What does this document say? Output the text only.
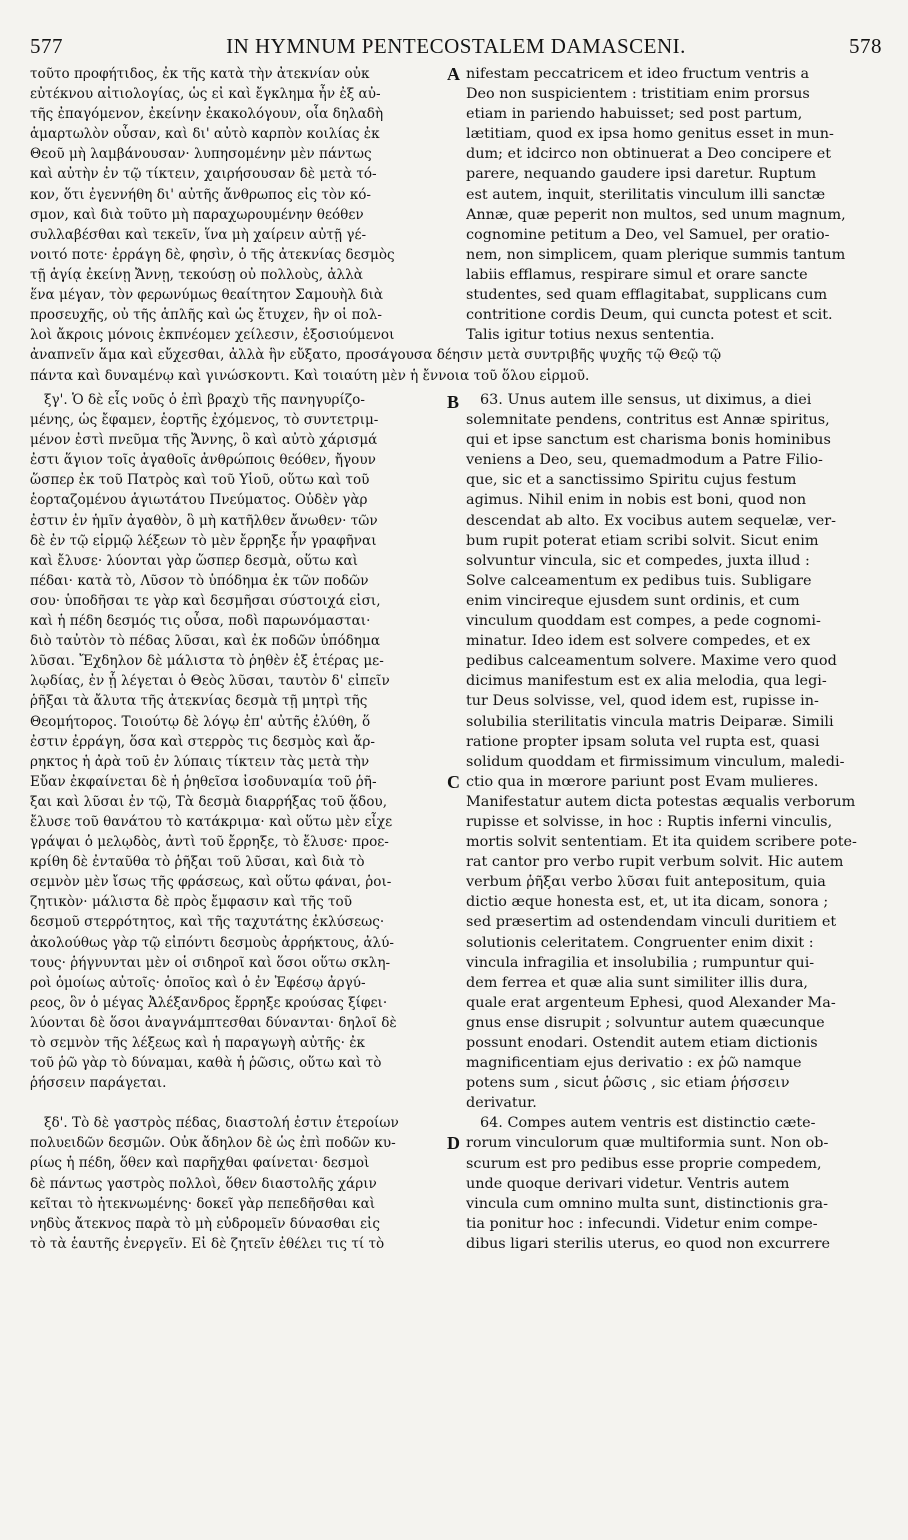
577	IN HYMNUM PENTECOSTALEM DAMASCENI.	578
τοῦτο προφήτιδος, ἐκ τῆς κατὰ τὴν ἀτεκνίαν οὐκ
εὐτέκνου αἰτιολογίας, ὡς εἰ καὶ ἔγκλημα ἦν ἐξ αὐ-
τῆς ἐπαγόμενον, ἐκείνην ἐκακολόγουν, οἷα δηλαδὴ
ἁμαρτωλὸν οὖσαν, καὶ δι' αὐτὸ καρπὸν κοιλίας ἐκ
Θεοῦ μὴ λαμβάνουσαν· λυπησομένην μὲν πάντως
καὶ αὐτὴν ἐν τῷ τίκτειν, χαιρήσουσαν δὲ μετὰ τό-
κον, ὅτι ἐγεννήθη δι' αὐτῆς ἄνθρωπος εἰς τὸν κό-
σμον, καὶ διὰ τοῦτο μὴ παραχωρουμένην θεόθεν
συλλαβέσθαι καὶ τεκεῖν, ἵνα μὴ χαίρειν αὐτῇ γέ-
νοιτό ποτε· ἐρράγη δὲ, φησὶν, ὁ τῆς ἀτεκνίας δεσμὸς
τῇ ἁγίᾳ ἐκείνῃ Ἄννῃ, τεκούσῃ οὐ πολλοὺς, ἀλλὰ
ἕνα μέγαν, τὸν φερωνύμως θεαίτητον Σαμουὴλ διὰ
προσευχῆς, οὐ τῆς ἁπλῆς καὶ ὡς ἔτυχεν, ἣν οἱ πολ-
λοὶ ἄκροις μόνοις ἐκπνέομεν χείλεσιν, ἐξοσιούμενοι
ἀναπνεῖν ἅμα καὶ εὔχεσθαι, ἀλλὰ ἣν εὔξατο, προσάγουσα δέησιν μετὰ συντριβῆς ψυχῆς τῷ Θεῷ τῷ
πάντα καὶ δυναμένῳ καὶ γινώσκοντι. Καὶ τοιαύτη μὲν ἡ ἔννοια τοῦ ὅλου εἱρμοῦ.
ξγ'. Ὁ δὲ εἷς νοῦς ὁ ἐπὶ βραχὺ τῆς πανηγυρίζο-
μένης, ὡς ἔφαμεν, ἑορτῆς ἐχόμενος, τὸ συντετριμ-
μένον ἐστὶ πνεῦμα τῆς Ἄννης, ὃ καὶ αὐτὸ χάρισμά
ἐστι ἅγιον τοῖς ἀγαθοῖς ἀνθρώποις θεόθεν, ἤγουν
ὥσπερ ἐκ τοῦ Πατρὸς καὶ τοῦ Υἱοῦ, οὕτω καὶ τοῦ
ἑορταζομένου ἁγιωτάτου Πνεύματος. Οὐδὲν γὰρ
ἐστιν ἐν ἡμῖν ἀγαθὸν, ὃ μὴ κατῆλθεν ἄνωθεν· τῶν
δὲ ἐν τῷ εἱρμῷ λέξεων τὸ μὲν ἔρρηξε ἦν γραφῆναι
καὶ ἔλυσε· λύονται γὰρ ὥσπερ δεσμὰ, οὕτω καὶ
πέδαι· κατὰ τὸ, Λῦσον τὸ ὑπόδημα ἐκ τῶν ποδῶν
σου· ὑποδῆσαι τε γὰρ καὶ δεσμῆσαι σύστοιχά εἰσι,
καὶ ἡ πέδη δεσμός τις οὖσα, ποδὶ παρωνόμασται·
διὸ ταὐτὸν τὸ πέδας λῦσαι, καὶ ἐκ ποδῶν ὑπόδημα
λῦσαι. Ἔχδηλον δὲ μάλιστα τὸ ῥηθὲν ἐξ ἑτέρας με-
λῳδίας, ἐν ᾗ λέγεται ὁ Θεὸς λῦσαι, ταυτὸν δ' εἰπεῖν
ῥῆξαι τὰ ἄλυτα τῆς ἀτεκνίας δεσμὰ τῇ μητρὶ τῆς
Θεομήτορος. Τοιούτῳ δὲ λόγῳ ἐπ' αὐτῆς ἐλύθη, ὅ
ἐστιν ἐρράγη, ὅσα καὶ στερρὸς τις δεσμὸς καὶ ἄρ-
ρηκτος ἡ ἀρὰ τοῦ ἐν λύπαις τίκτειν τὰς μετὰ τὴν
Εὔαν ἐκφαίνεται δὲ ἡ ῥηθεῖσα ἰσοδυναμία τοῦ ῥῆ-
ξαι καὶ λῦσαι ἐν τῷ, Τὰ δεσμὰ διαρρήξας τοῦ ᾅδου,
ἔλυσε τοῦ θανάτου τὸ κατάκριμα· καὶ οὕτω μὲν εἶχε
γράψαι ὁ μελῳδὸς, ἀντὶ τοῦ ἔρρηξε, τὸ ἔλυσε· προε-
κρίθη δὲ ἐνταῦθα τὸ ῥῆξαι τοῦ λῦσαι, καὶ διὰ τὸ
σεμνὸν μὲν ἴσως τῆς φράσεως, καὶ οὕτω φάναι, ῥοι-
ζητικὸν· μάλιστα δὲ πρὸς ἔμφασιν καὶ τῆς τοῦ
δεσμοῦ στερρότητος, καὶ τῆς ταχυτάτης ἐκλύσεως·
ἀκολούθως γὰρ τῷ εἰπόντι δεσμοὺς ἀρρήκτους, ἀλύ-
τους· ῥήγνυνται μὲν οἱ σιδηροῖ καὶ ὅσοι οὕτω σκλη-
ροὶ ὁμοίως αὐτοῖς· ὁποῖος καὶ ὁ ἐν Ἐφέσῳ ἀργύ-
ρεος, ὃν ὁ μέγας Ἀλέξανδρος ἔρρηξε κρούσας ξίφει·
λύονται δὲ ὅσοι ἀναγνάμπτεσθαι δύνανται· δηλοῖ δὲ
τὸ σεμνὸν τῆς λέξεως καὶ ἡ παραγωγὴ αὐτῆς· ἐκ
τοῦ ῥῶ γὰρ τὸ δύναμαι, καθὰ ἡ ῥῶσις, οὕτω καὶ τὸ
ῥήσσειν παράγεται.
ξδ'. Τὸ δὲ γαστρὸς πέδας, διαστολή ἐστιν ἑτεροίων
πολυειδῶν δεσμῶν. Οὐκ ἄδηλον δὲ ὡς ἐπὶ ποδῶν κυ-
ρίως ἡ πέδη, ὅθεν καὶ παρῆχθαι φαίνεται· δεσμοὶ
δὲ πάντως γαστρὸς πολλοὶ, ὅθεν διαστολῆς χάριν
κεῖται τὸ ἠτεκνωμένης· δοκεῖ γὰρ πεπεδῆσθαι καὶ
νηδὺς ἄτεκνος παρὰ τὸ μὴ εὐδρομεῖν δύνασθαι εἰς
τὸ τὰ ἑαυτῆς ἐνεργεῖν. Εἰ δὲ ζητεῖν ἐθέλει τις τί τὸ
nifestam peccatricem et ideo fructum ventris a
Deo non suspicientem : tristitiam enim prorsus
etiam in pariendo habuisset; sed post partum,
lætitiam, quod ex ipsa homo genitus esset in mun-
dum; et idcirco non obtinuerat a Deo concipere et
parere, nequando gaudere ipsi daretur. Ruptum
est autem, inquit, sterilitatis vinculum illi sanctæ
Annæ, quæ peperit non multos, sed unum magnum,
cognomine petitum a Deo, vel Samuel, per oratio-
nem, non simplicem, quam plerique summis tantum
labiis efflamus, respirare simul et orare sancte
studentes, sed quam efflagitabat, supplicans cum
contritione cordis Deum, qui cuncta potest et scit.
Talis igitur totius nexus sententia.
63. Unus autem ille sensus, ut diximus, a diei
solemnitate pendens, contritus est Annæ spiritus,
qui et ipse sanctum est charisma bonis hominibus
veniens a Deo, seu, quemadmodum a Patre Filio-
que, sic et a sanctissimo Spiritu cujus festum
agimus. Nihil enim in nobis est boni, quod non
descendat ab alto. Ex vocibus autem sequelæ, ver-
bum rupit poterat etiam scribi solvit. Sicut enim
solvuntur vincula, sic et compedes, juxta illud :
Solve calceamentum ex pedibus tuis. Subligare
enim vincireque ejusdem sunt ordinis, et cum
vinculum quoddam est compes, a pede cognomi-
minatur. Ideo idem est solvere compedes, et ex
pedibus calceamentum solvere. Maxime vero quod
dicimus manifestum est ex alia melodia, qua legi-
tur Deus solvisse, vel, quod idem est, rupisse in-
solubilia sterilitatis vincula matris Deiparæ. Simili
ratione propter ipsam soluta vel rupta est, quasi
solidum quoddam et firmissimum vinculum, maledi-
ctio qua in mœrore pariunt post Evam mulieres.
Manifestatur autem dicta potestas æqualis verborum
rupisse et solvisse, in hoc : Ruptis inferni vinculis,
mortis solvit sententiam. Et ita quidem scribere pote-
rat cantor pro verbo rupit verbum solvit. Hic autem
verbum ῥῆξαι verbo λῦσαι fuit antepositum, quia
dictio æque honesta est, et, ut ita dicam, sonora ;
sed præsertim ad ostendendam vinculi duritiem et
solutionis celeritatem. Congruenter enim dixit :
vincula infragilia et insolubilia ; rumpuntur qui-
dem ferrea et quæ alia sunt similiter illis dura,
quale erat argenteum Ephesi, quod Alexander Ma-
gnus ense disrupit ; solvuntur autem quæcunque
possunt enodari. Ostendit autem etiam dictionis
magnificentiam ejus derivatio : ex ῥῶ namque
potens sum , sicut ῥῶσις , sic etiam ῥήσσειν
derivatur.
64. Compes autem ventris est distinctio cæte-
rorum vinculorum quæ multiformia sunt. Non ob-
scurum est pro pedibus esse proprie compedem,
unde quoque derivari videtur. Ventris autem
vincula cum omnino multa sunt, distinctionis gra-
tia ponitur hoc : infecundi. Videtur enim compe-
dibus ligari sterilis uterus, eo quod non excurrere
A
B
C
D
